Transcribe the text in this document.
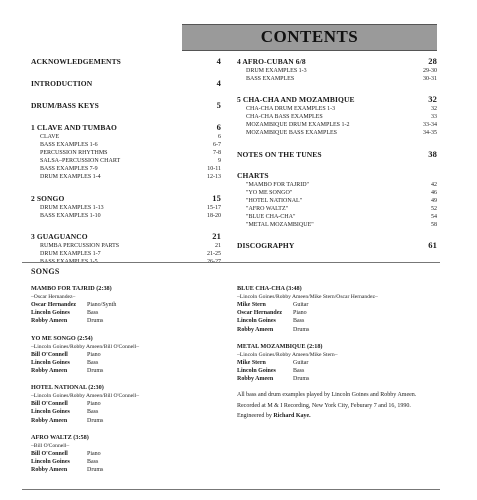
CONTENTS
ACKNOWLEDGEMENTS	4
INTRODUCTION	4
DRUM/BASS KEYS	5
1 CLAVE AND TUMBAO	6
CLAVE	6
BASS EXAMPLES 1-6	6-7
PERCUSSION RHYTHMS	7-8
SALSA–PERCUSSION CHART	9
BASS EXAMPLES 7-9	10-11
DRUM EXAMPLES 1-4	12-13
2 SONGO	15
DRUM EXAMPLES 1-13	15-17
BASS EXAMPLES 1-10	18-20
3 GUAGUANCO	21
RUMBA PERCUSSION PARTS	21
DRUM EXAMPLES 1-7	21-25
BASS EXAMPLES 1-5	26-27
4 AFRO-CUBAN 6/8	28
DRUM EXAMPLES 1-3	29-30
BASS EXAMPLES	30-31
5 CHA-CHA AND MOZAMBIQUE	32
CHA-CHA DRUM EXAMPLES 1-3	32
CHA-CHA BASS EXAMPLES	33
MOZAMBIQUE DRUM EXAMPLES 1-2	33-34
MOZAMBIQUE BASS EXAMPLES	34-35
NOTES ON THE TUNES	38
CHARTS
"MAMBO FOR TAJRID"	42
"YO ME SONGO"	46
"HOTEL NATIONAL"	49
"AFRO WALTZ"	52
"BLUE CHA-CHA"	54
"METAL MOZAMBIQUE"	58
DISCOGRAPHY	61
SONGS
MAMBO FOR TAJRID (2:38)
–Oscar Hernandez–
Oscar Hernandez	Piano/Synth
Lincoln Goines	Bass
Robby Ameen	Drums
YO ME SONGO (2:54)
–Lincoln Goines/Robby Ameen/Bill O'Connell–
Bill O'Connell	Piano
Lincoln Goines	Bass
Robby Ameen	Drums
HOTEL NATIONAL (2:30)
–Lincoln Goines/Robby Ameen/Bill O'Connell–
Bill O'Connell	Piano
Lincoln Goines	Bass
Robby Ameen	Drums
AFRO WALTZ (3:58)
–Bill O'Connell–
Bill O'Connell	Piano
Lincoln Goines	Bass
Robby Ameen	Drums
BLUE CHA-CHA (3:48)
–Lincoln Goines/Robby Ameen/Mike Stern/Oscar Hernandez–
Mike Stern	Guitar
Oscar Hernandez	Piano
Lincoln Goines	Bass
Robby Ameen	Drums
METAL MOZAMBIQUE (2:18)
–Lincoln Goines/Robby Ameen/Mike Stern–
Mike Stern	Guitar
Lincoln Goines	Bass
Robby Ameen	Drums

All bass and drum examples played by Lincoln Goines and Robby Ameen.

Recorded at M & I Recording, New York City, Feburary 7 and 16, 1990.

Engineered by Richard Kaye.
